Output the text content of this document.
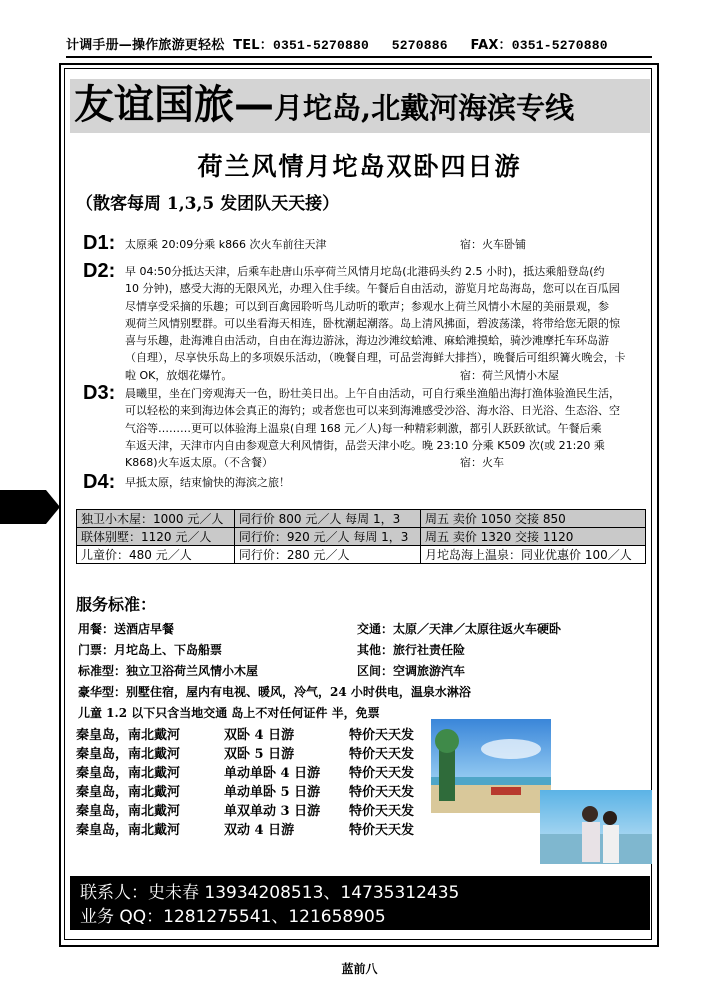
计调手册—操作旅游更轻松 TEL：0351-5270880 5270886 FAX：0351-5270880
友谊国旅—月坨岛,北戴河海滨专线
荷兰风情月坨岛双卧四日游
（散客每周 1,3,5 发团队天天接）
D1: 太原乘 20:09分乘 k866 次火车前往天津	宿：火车卧铺
D2: 早 04:50分抵达天津，后乘车赴唐山乐亭荷兰风情月坨岛(北港码头约 2.5 小时)，抵达乘船登岛(约
10 分钟)，感受大海的无限风光，办理入住手续。午餐后自由活动，游览月坨岛海岛，您可以在百瓜园
尽情享受采摘的乐趣；可以到百禽园聆听鸟儿动听的歌声；参观水上荷兰风情小木屋的美丽景观，参
观荷兰风情别墅群。可以坐看海天相连，卧枕潮起潮落。岛上清风拂面，碧波荡漾，将带给您无限的惊
喜与乐趣，赴海滩自由活动，自由在海边游泳，海边沙滩纹蛤滩、麻蛤滩摸蛤，骑沙滩摩托车环岛游
（自理），尽享快乐岛上的多项娱乐活动，（晚餐自理，可品尝海鲜大排挡），晚餐后可组织篝火晚会，卡
啦 OK，放烟花爆竹。	宿：荷兰风情小木屋
D3: 晨曦里，坐在门旁观海天一色，盼壮美日出。上午自由活动，可自行乘坐渔船出海打渔体验渔民生活，
可以轻松的来到海边体会真正的海钓；或者您也可以来到海滩感受沙浴、海水浴、日光浴、生态浴、空
气浴等………更可以体验海上温泉(自理 168 元／人)每一种精彩刺激，都引人跃跃欲试。午餐后乘
车返天津，天津市内自由参观意大利风情街，品尝天津小吃。晚 23:10 分乘 K509 次(或 21:20 乘
K868)火车返太原。（不含餐）	宿：火车
D4: 早抵太原，结束愉快的海滨之旅！
独卫小木屋：1000 元／人	同行价 800 元／人 每周 1，3	周五 卖价 1050 交接 850
联体别墅：1120 元／人	同行价：920 元／人 每周 1，3	周五 卖价 1320 交接 1120
儿童价：480 元／人	同行价：280 元／人	月坨岛海上温泉：同业优惠价 100／人
服务标准：
用餐：送酒店早餐
门票：月坨岛上、下岛船票
标准型：独立卫浴荷兰风情小木屋
交通：太原／天津／太原往返火车硬卧
其他：旅行社责任险
区间：空调旅游汽车
豪华型：别墅住宿，屋内有电视、暖风，冷气，24 小时供电，温泉水淋浴
儿童 1.2 以下只含当地交通 岛上不对任何证件 半，免票
秦皇岛，南北戴河	双卧 4 日游	特价天天发
秦皇岛，南北戴河	双卧 5 日游	特价天天发
秦皇岛，南北戴河	单动单卧 4 日游 特价天天发
秦皇岛，南北戴河	单动单卧 5 日游 特价天天发
秦皇岛，南北戴河	单双单动 3 日游 特价天天发
秦皇岛，南北戴河	双动 4 日游	特价天天发
联系人：史未春 13934208513、14735312435
业务 QQ：1281275541、121658905
蓝前八
